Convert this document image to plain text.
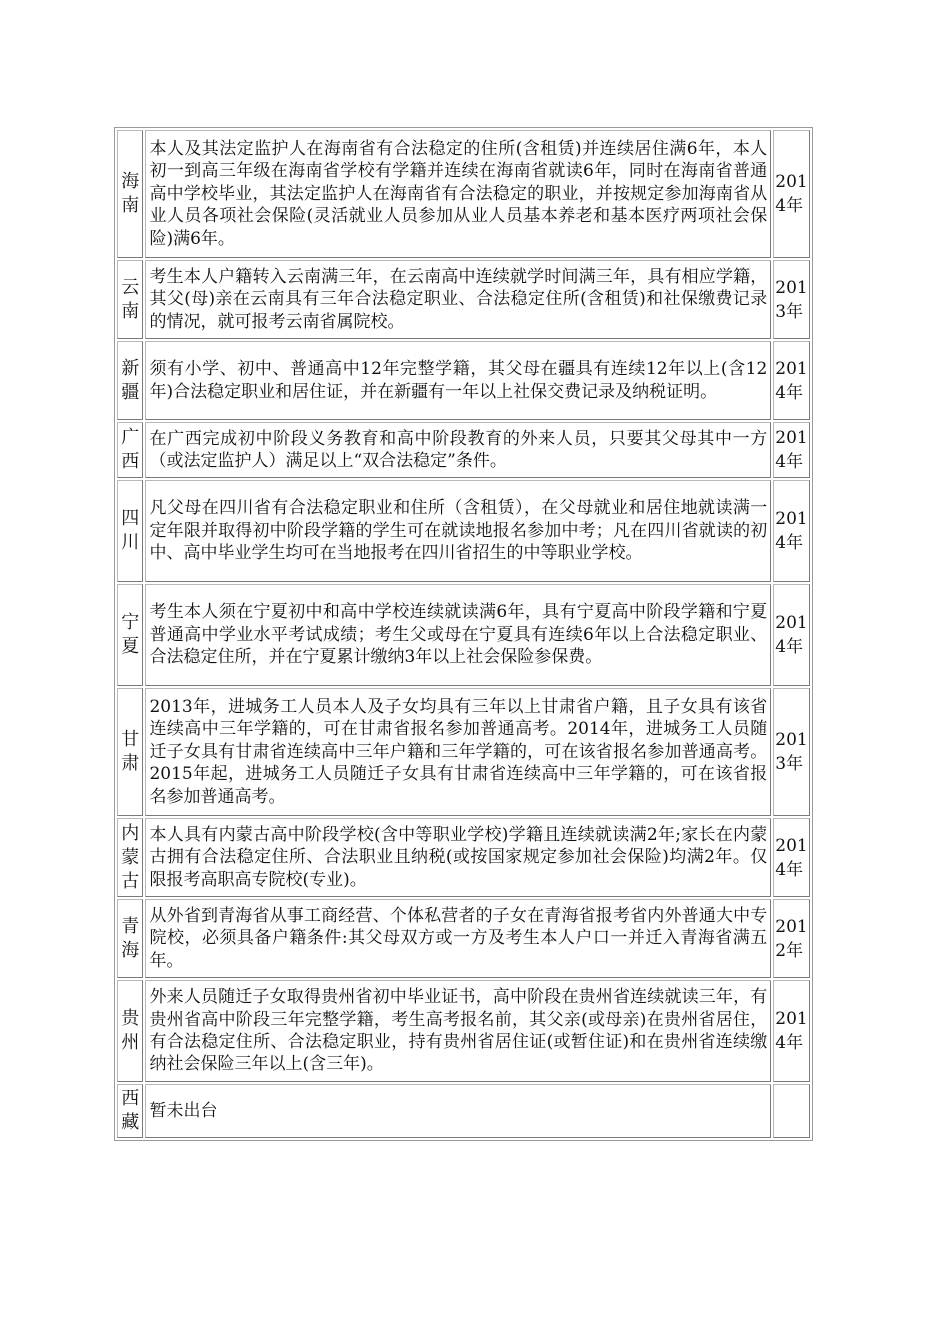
海南	本人及其法定监护人在海南省有合法稳定的住所(含租赁)并连续居住满6年，本人初一到高三年级在海南省学校有学籍并连续在海南省就读6年，同时在海南省普通高中学校毕业，其法定监护人在海南省有合法稳定的职业，并按规定参加海南省从业人员各项社会保险(灵活就业人员参加从业人员基本养老和基本医疗两项社会保险)满6年。	2014年
云南	考生本人户籍转入云南满三年，在云南高中连续就学时间满三年，具有相应学籍，其父(母)亲在云南具有三年合法稳定职业、合法稳定住所(含租赁)和社保缴费记录的情况，就可报考云南省属院校。	2013年
新疆	须有小学、初中、普通高中12年完整学籍，其父母在疆具有连续12年以上(含12年)合法稳定职业和居住证，并在新疆有一年以上社保交费记录及纳税证明。	2014年
广西	在广西完成初中阶段义务教育和高中阶段教育的外来人员，只要其父母其中一方（或法定监护人）满足以上“双合法稳定”条件。	2014年
四川	凡父母在四川省有合法稳定职业和住所（含租赁），在父母就业和居住地就读满一定年限并取得初中阶段学籍的学生可在就读地报名参加中考；凡在四川省就读的初中、高中毕业学生均可在当地报考在四川省招生的中等职业学校。	2014年
宁夏	考生本人须在宁夏初中和高中学校连续就读满6年，具有宁夏高中阶段学籍和宁夏普通高中学业水平考试成绩；考生父或母在宁夏具有连续6年以上合法稳定职业、合法稳定住所，并在宁夏累计缴纳3年以上社会保险参保费。	2014年
甘肃	2013年，进城务工人员本人及子女均具有三年以上甘肃省户籍，且子女具有该省连续高中三年学籍的，可在甘肃省报名参加普通高考。2014年，进城务工人员随迁子女具有甘肃省连续高中三年户籍和三年学籍的，可在该省报名参加普通高考。2015年起，进城务工人员随迁子女具有甘肃省连续高中三年学籍的，可在该省报名参加普通高考。	2013年
内蒙古	本人具有内蒙古高中阶段学校(含中等职业学校)学籍且连续就读满2年;家长在内蒙古拥有合法稳定住所、合法职业且纳税(或按国家规定参加社会保险)均满2年。仅限报考高职高专院校(专业)。	2014年
青海	从外省到青海省从事工商经营、个体私营者的子女在青海省报考省内外普通大中专院校，必须具备户籍条件:其父母双方或一方及考生本人户口一并迁入青海省满五年。	2012年
贵州	外来人员随迁子女取得贵州省初中毕业证书，高中阶段在贵州省连续就读三年，有贵州省高中阶段三年完整学籍，考生高考报名前，其父亲(或母亲)在贵州省居住，有合法稳定住所、合法稳定职业，持有贵州省居住证(或暂住证)和在贵州省连续缴纳社会保险三年以上(含三年)。	2014年
西藏	暂未出台	
